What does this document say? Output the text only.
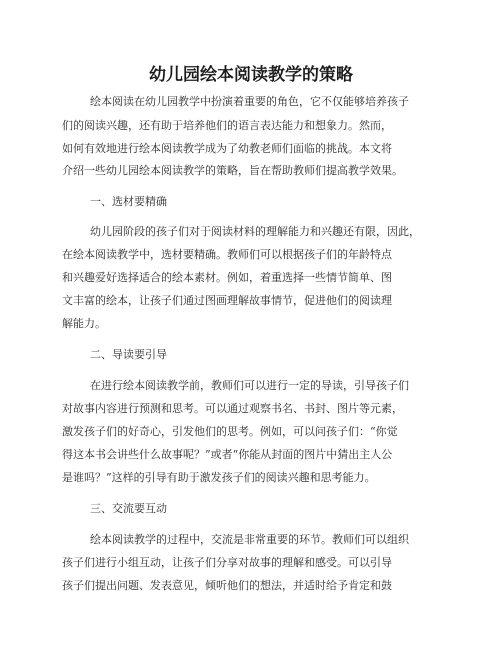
幼儿园绘本阅读教学的策略
绘本阅读在幼儿园教学中扮演着重要的角色，它不仅能够培养孩子
们的阅读兴趣，还有助于培养他们的语言表达能力和想象力。然而，
如何有效地进行绘本阅读教学成为了幼教老师们面临的挑战。本文将
介绍一些幼儿园绘本阅读教学的策略，旨在帮助教师们提高教学效果。
一、选材要精确
幼儿园阶段的孩子们对于阅读材料的理解能力和兴趣还有限，因此，
在绘本阅读教学中，选材要精确。教师们可以根据孩子们的年龄特点
和兴趣爱好选择适合的绘本素材。例如，着重选择一些情节简单、图
文丰富的绘本，让孩子们通过图画理解故事情节，促进他们的阅读理
解能力。
二、导读要引导
在进行绘本阅读教学前，教师们可以进行一定的导读，引导孩子们
对故事内容进行预测和思考。可以通过观察书名、书封、图片等元素，
激发孩子们的好奇心，引发他们的思考。例如，可以问孩子们：“你觉
得这本书会讲些什么故事呢？”或者“你能从封面的图片中猜出主人公
是谁吗？”这样的引导有助于激发孩子们的阅读兴趣和思考能力。
三、交流要互动
绘本阅读教学的过程中，交流是非常重要的环节。教师们可以组织
孩子们进行小组互动，让孩子们分享对故事的理解和感受。可以引导
孩子们提出问题、发表意见，倾听他们的想法，并适时给予肯定和鼓
